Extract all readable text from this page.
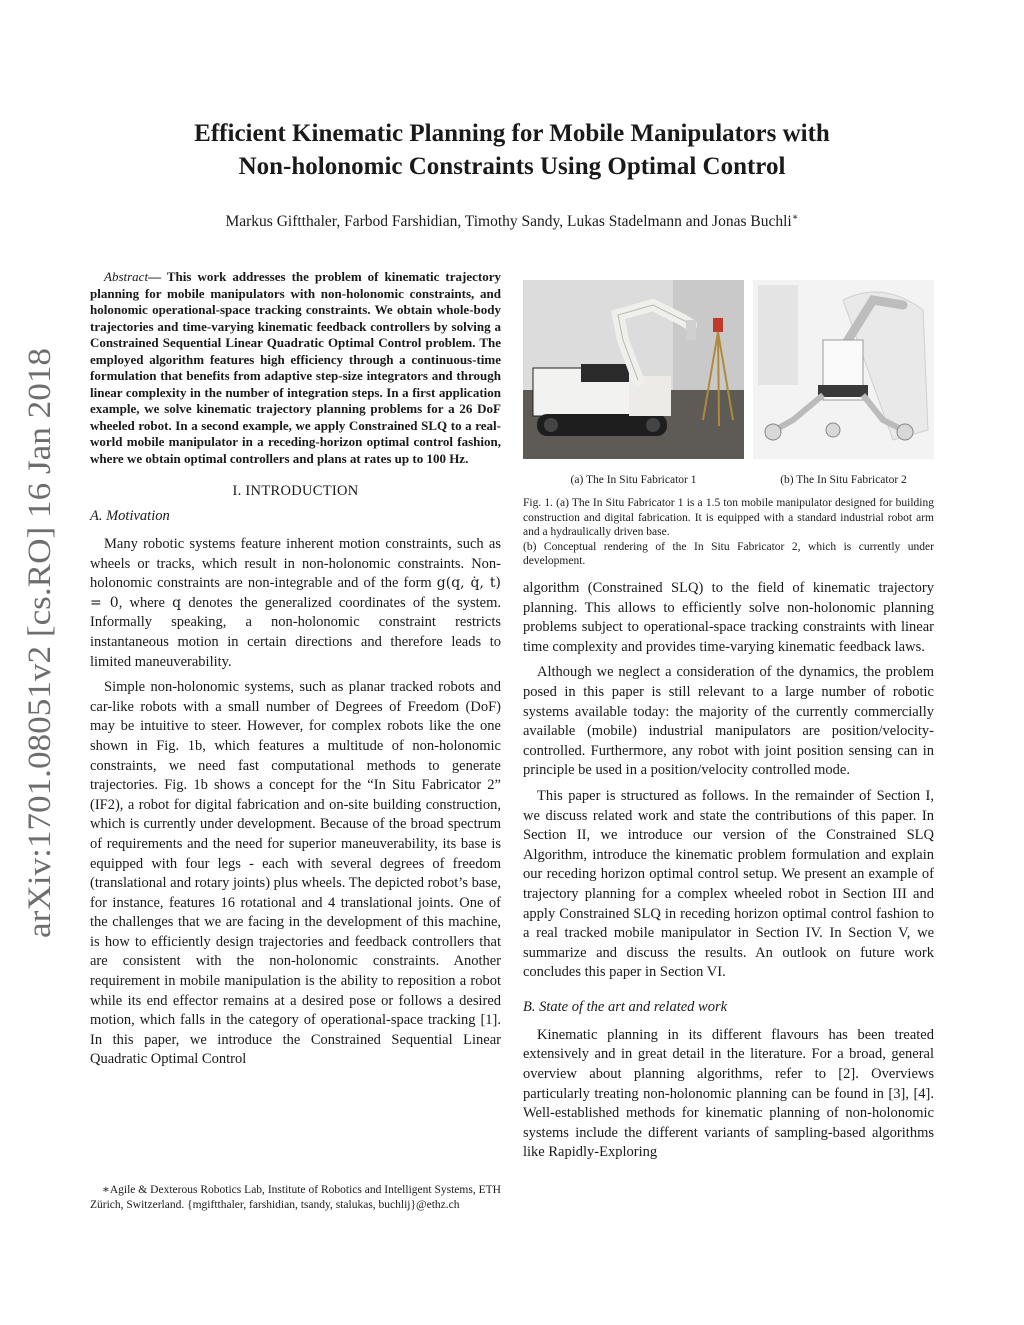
arXiv:1701.08051v2 [cs.RO] 16 Jan 2018
Efficient Kinematic Planning for Mobile Manipulators with
Non-holonomic Constraints Using Optimal Control
Markus Giftthaler, Farbod Farshidian, Timothy Sandy, Lukas Stadelmann and Jonas Buchli∗

Abstract— This work addresses the problem of kinematic trajectory planning for mobile manipulators with non-holonomic constraints, and holonomic operational-space tracking constraints. We obtain whole-body trajectories and time-varying kinematic feedback controllers by solving a Constrained Sequential Linear Quadratic Optimal Control problem. The employed algorithm features high efficiency through a continuous-time formulation that benefits from adaptive step-size integrators and through linear complexity in the number of integration steps. In a first application example, we solve kinematic trajectory planning problems for a 26 DoF wheeled robot. In a second example, we apply Constrained SLQ to a real-world mobile manipulator in a receding-horizon optimal control fashion, where we obtain optimal controllers and plans at rates up to 100 Hz.

I. INTRODUCTION
A. Motivation

Many robotic systems feature inherent motion constraints, such as wheels or tracks, which result in non-holonomic constraints. Non-holonomic constraints are non-integrable and of the form g(q, q̇, t) = 0, where q denotes the generalized coordinates of the system. Informally speaking, a non-holonomic constraint restricts instantaneous motion in certain directions and therefore leads to limited maneuverability.

Simple non-holonomic systems, such as planar tracked robots and car-like robots with a small number of Degrees of Freedom (DoF) may be intuitive to steer. However, for complex robots like the one shown in Fig. 1b, which features a multitude of non-holonomic constraints, we need fast computational methods to generate trajectories. Fig. 1b shows a concept for the “In Situ Fabricator 2” (IF2), a robot for digital fabrication and on-site building construction, which is currently under development. Because of the broad spectrum of requirements and the need for superior maneuverability, its base is equipped with four legs - each with several degrees of freedom (translational and rotary joints) plus wheels. The depicted robot’s base, for instance, features 16 rotational and 4 translational joints. One of the challenges that we are facing in the development of this machine, is how to efficiently design trajectories and feedback controllers that are consistent with the non-holonomic constraints. Another requirement in mobile manipulation is the ability to reposition a robot while its end effector remains at a desired pose or follows a desired motion, which falls in the category of operational-space tracking [1]. In this paper, we introduce the Constrained Sequential Linear Quadratic Optimal Control

∗Agile & Dexterous Robotics Lab, Institute of Robotics and Intelligent Systems, ETH Zürich, Switzerland. {mgiftthaler, farshidian, tsandy, stalukas, buchlij}@ethz.ch
(a) The In Situ Fabricator 1	(b) The In Situ Fabricator 2

Fig. 1. (a) The In Situ Fabricator 1 is a 1.5 ton mobile manipulator designed for building construction and digital fabrication. It is equipped with a standard industrial robot arm and a hydraulically driven base.

(b) Conceptual rendering of the In Situ Fabricator 2, which is currently under development.

algorithm (Constrained SLQ) to the field of kinematic trajectory planning. This allows to efficiently solve non-holonomic planning problems subject to operational-space tracking constraints with linear time complexity and provides time-varying kinematic feedback laws.

Although we neglect a consideration of the dynamics, the problem posed in this paper is still relevant to a large number of robotic systems available today: the majority of the currently commercially available (mobile) industrial manipulators are position/velocity-controlled. Furthermore, any robot with joint position sensing can in principle be used in a position/velocity controlled mode.

This paper is structured as follows. In the remainder of Section I, we discuss related work and state the contributions of this paper. In Section II, we introduce our version of the Constrained SLQ Algorithm, introduce the kinematic problem formulation and explain our receding horizon optimal control setup. We present an example of trajectory planning for a complex wheeled robot in Section III and apply Constrained SLQ in receding horizon optimal control fashion to a real tracked mobile manipulator in Section IV. In Section V, we summarize and discuss the results. An outlook on future work concludes this paper in Section VI.

B. State of the art and related work

Kinematic planning in its different flavours has been treated extensively and in great detail in the literature. For a broad, general overview about planning algorithms, refer to [2]. Overviews particularly treating non-holonomic planning can be found in [3], [4]. Well-established methods for kinematic planning of non-holonomic systems include the different variants of sampling-based algorithms like Rapidly-Exploring
